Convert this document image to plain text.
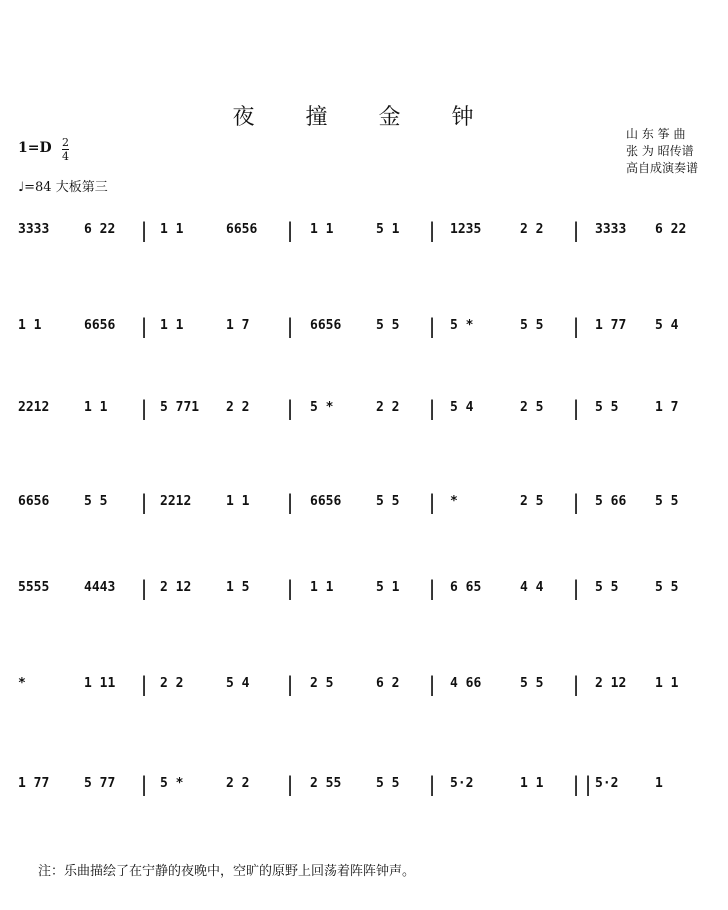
夜 撞 金 钟
山 东 筝 曲
张 为 昭传谱
高自成演奏谱
$1=D \frac{2}{4}$
♩=84 大板第三
3333	6 22 | 1 1	6656 | 1 1	5 1 | 1235	2 2 | 3333 6 22
1 1	6656 | 1 1	1 7 | 6656	5 5 | 5 *	5 5 | 1 77 5 4
2212	1 1 | 5 771 2 2 | 5 *	2 2 | 5 4	2 5 | 5 5	1 7
6656	5 5 | 2212	1 1 | 6656	5 5 | *	2 5 | 5 66 5 5
5555	4443 | 2 12	1 5 | 1 1	5 1 | 6 65	4 4 | 5 5	5 5
*	1 11 | 2 2	5 4 | 2 5	6 2 | 4 66	5 5 | 2 12 1 1
1 77	5 77 | 5 *	2 2 | 2 55	5 5 | 5·2	1 1 || 5·2	1
注：乐曲描绘了在宁静的夜晚中，空旷的原野上回荡着阵阵钟声。
